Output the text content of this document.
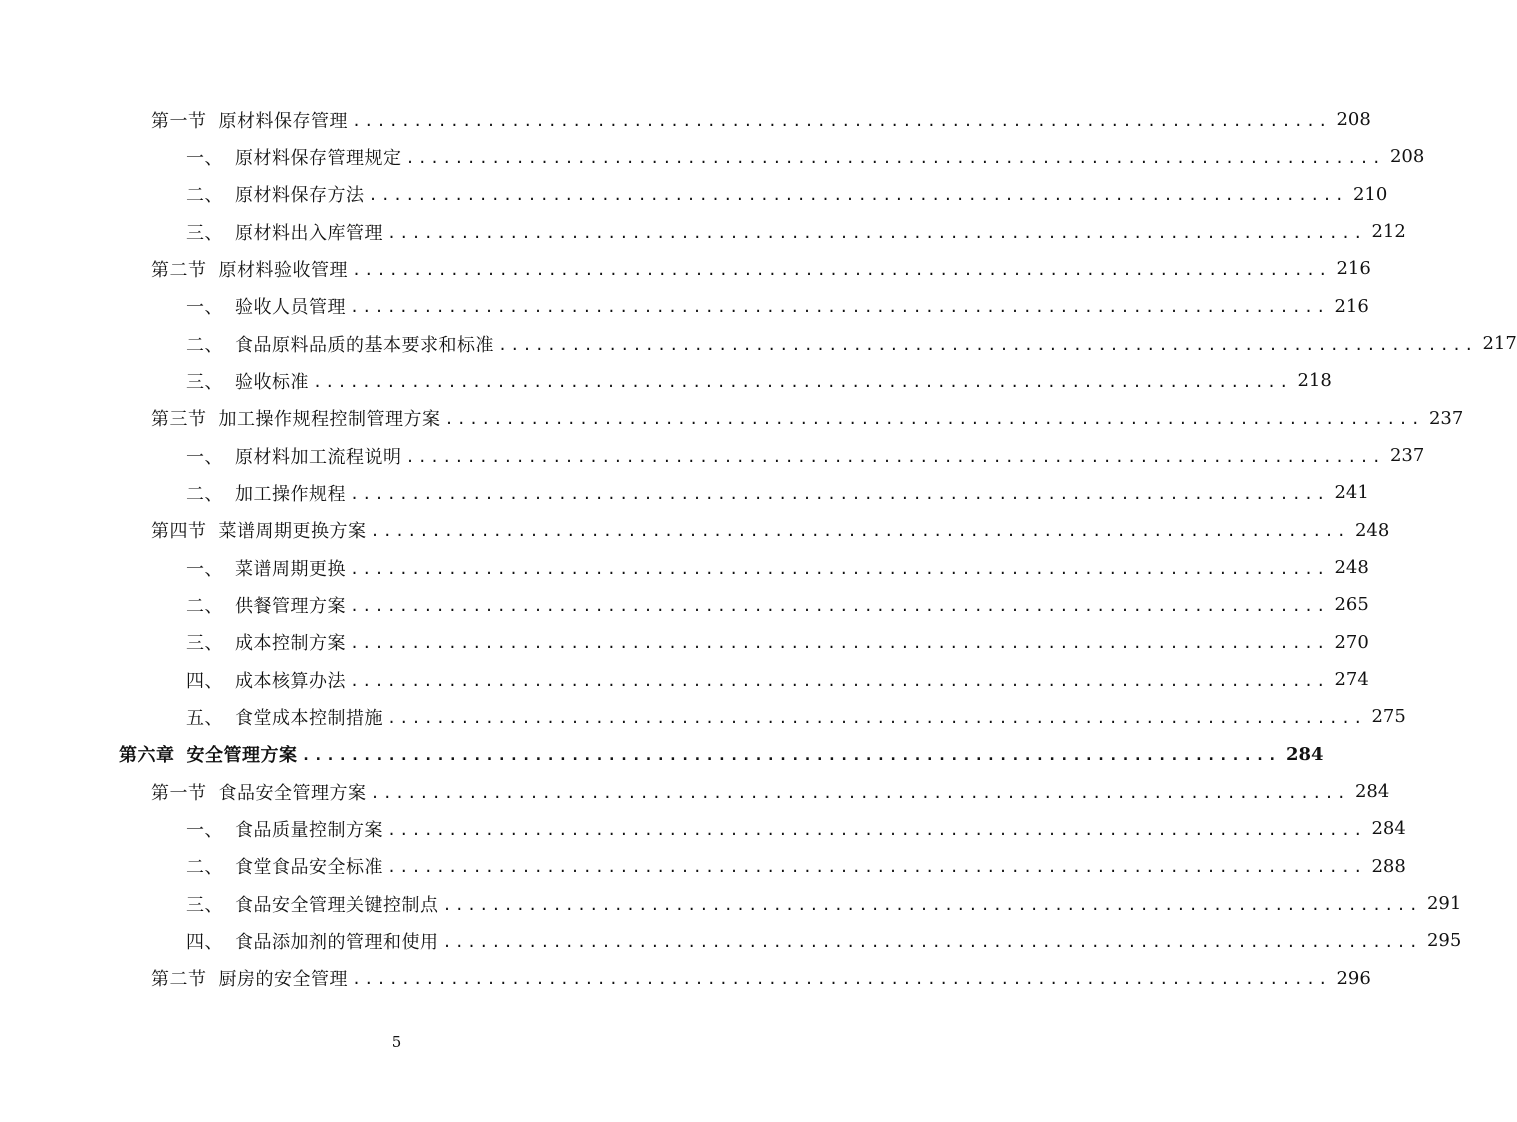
第一节 原材料保存管理 ................................................................................ 208
一、 原材料保存管理规定 ................................................................................ 208
二、 原材料保存方法 ................................................................................ 210
三、 原材料出入库管理 ................................................................................ 212
第二节 原材料验收管理 ................................................................................ 216
一、 验收人员管理 ................................................................................ 216
二、 食品原料品质的基本要求和标准 ................................................................................ 217
三、 验收标准 ................................................................................ 218
第三节 加工操作规程控制管理方案 ................................................................................ 237
一、 原材料加工流程说明 ................................................................................ 237
二、 加工操作规程 ................................................................................ 241
第四节 菜谱周期更换方案 ................................................................................ 248
一、 菜谱周期更换 ................................................................................ 248
二、 供餐管理方案 ................................................................................ 265
三、 成本控制方案 ................................................................................ 270
四、 成本核算办法 ................................................................................ 274
五、 食堂成本控制措施 ................................................................................ 275
第六章 安全管理方案 ................................................................................ 284
第一节 食品安全管理方案 ................................................................................ 284
一、 食品质量控制方案 ................................................................................ 284
二、 食堂食品安全标准 ................................................................................ 288
三、 食品安全管理关键控制点 ................................................................................ 291
四、 食品添加剂的管理和使用 ................................................................................ 295
第二节 厨房的安全管理 ................................................................................ 296
5
